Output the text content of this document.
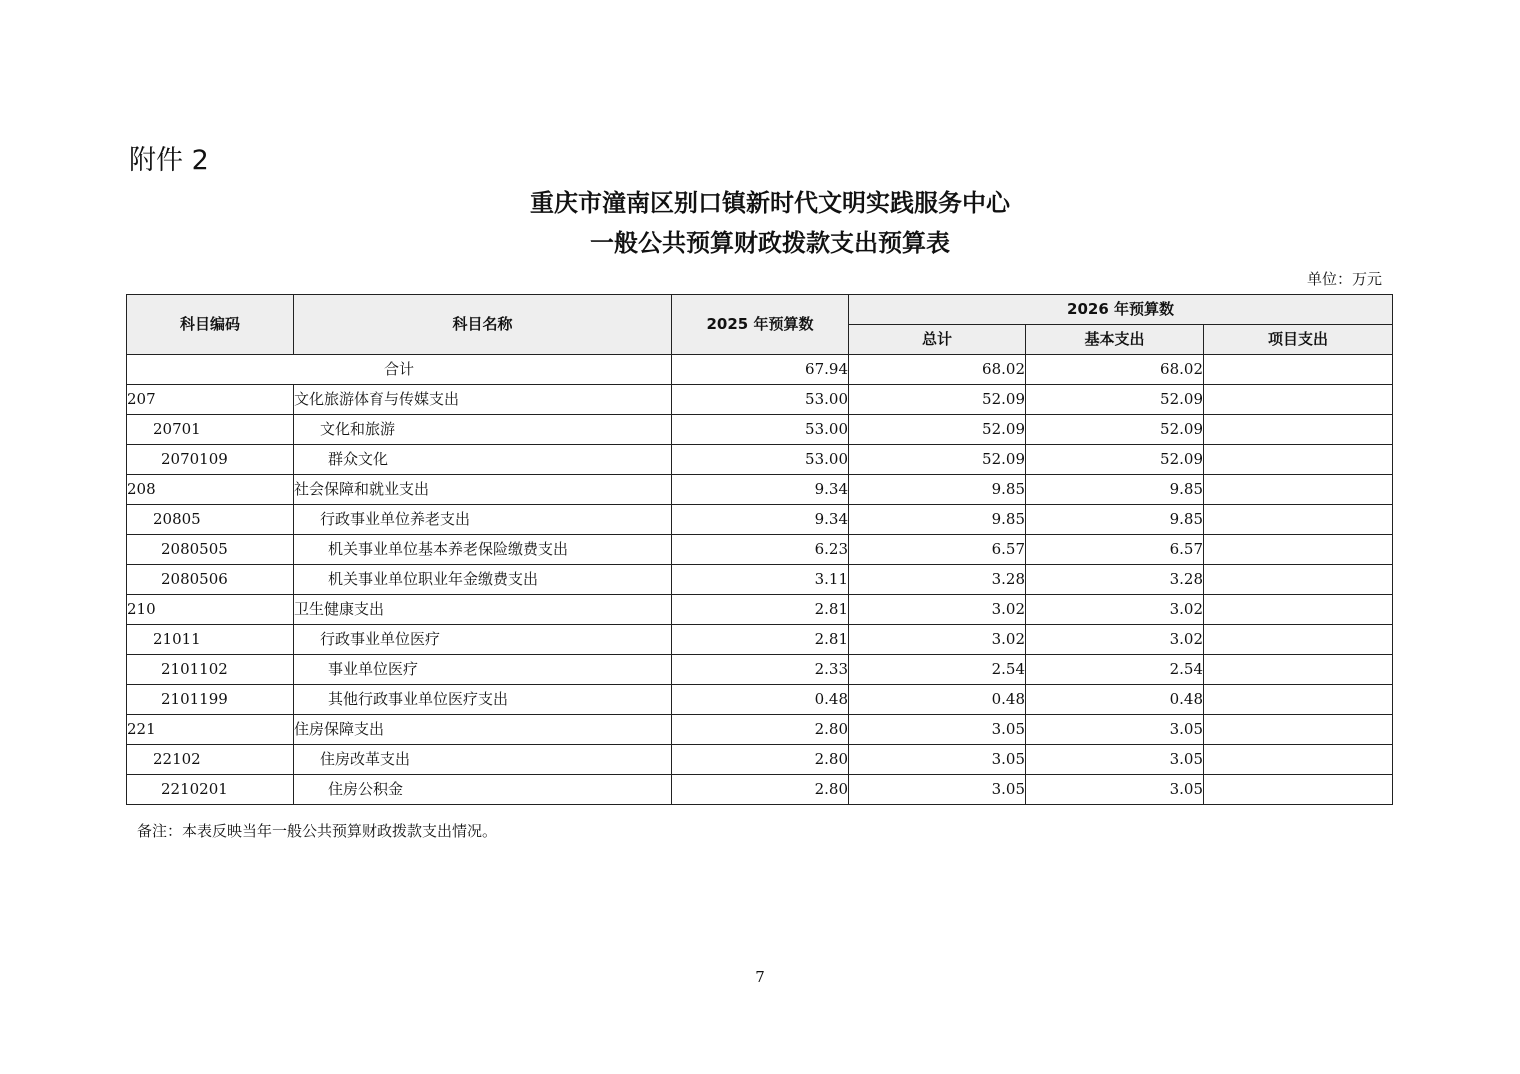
附件 2
重庆市潼南区别口镇新时代文明实践服务中心
一般公共预算财政拨款支出预算表
单位：万元
科目编码	科目名称	2025 年预算数	2026 年预算数		
			总计	基本支出	项目支出
合计		67.94	68.02	68.02	
207	文化旅游体育与传媒支出	53.00	52.09	52.09	
20701	文化和旅游	53.00	52.09	52.09	
2070109	群众文化	53.00	52.09	52.09	
208	社会保障和就业支出	9.34	9.85	9.85	
20805	行政事业单位养老支出	9.34	9.85	9.85	
2080505	机关事业单位基本养老保险缴费支出	6.23	6.57	6.57	
2080506	机关事业单位职业年金缴费支出	3.11	3.28	3.28	
210	卫生健康支出	2.81	3.02	3.02	
21011	行政事业单位医疗	2.81	3.02	3.02	
2101102	事业单位医疗	2.33	2.54	2.54	
2101199	其他行政事业单位医疗支出	0.48	0.48	0.48	
221	住房保障支出	2.80	3.05	3.05	
22102	住房改革支出	2.80	3.05	3.05	
2210201	住房公积金	2.80	3.05	3.05	
备注：本表反映当年一般公共预算财政拨款支出情况。
7
